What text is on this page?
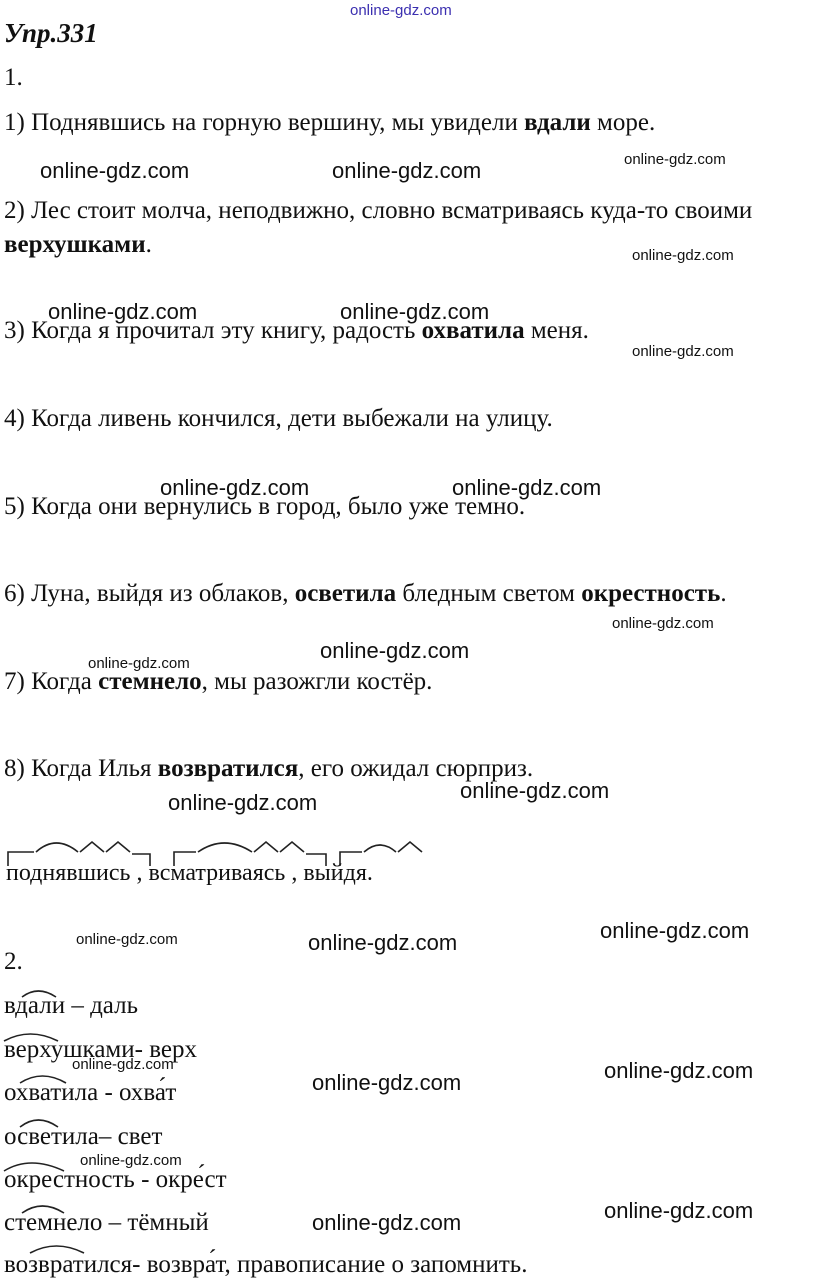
Упр.331
1.
1) Поднявшись на горную вершину, мы увидели вдали море.
2) Лес стоит молча, неподвижно, словно всматриваясь куда-то своими
верхушками.
3) Когда я прочитал эту книгу, радость охватила меня.
4) Когда ливень кончился, дети выбежали на улицу.
5) Когда они вернулись в город, было уже темно.
6) Луна, выйдя из облаков, осветила бледным светом окрестность.
7) Когда стемнело, мы разожгли костёр.
8) Когда Илья возвратился, его ожидал сюрприз.
поднявшись , всматриваясь , выйдя.
2.
вдали – даль
верхушками- верх
охватила - охва́т
осветила– свет
окрестность - окре́ст
стемнело – тёмный
возвратился- возвра́т, правописание о запомнить.
online-gdz.com
online-gdz.com	online-gdz.com	online-gdz.com
online-gdz.com
online-gdz.com	online-gdz.com
online-gdz.com
online-gdz.com	online-gdz.com
online-gdz.com
online-gdz.com
online-gdz.com
online-gdz.com
online-gdz.com
online-gdz.com
online-gdz.com	online-gdz.com
online-gdz.com	online-gdz.com
online-gdz.com
online-gdz.com
online-gdz.com
online-gdz.com
